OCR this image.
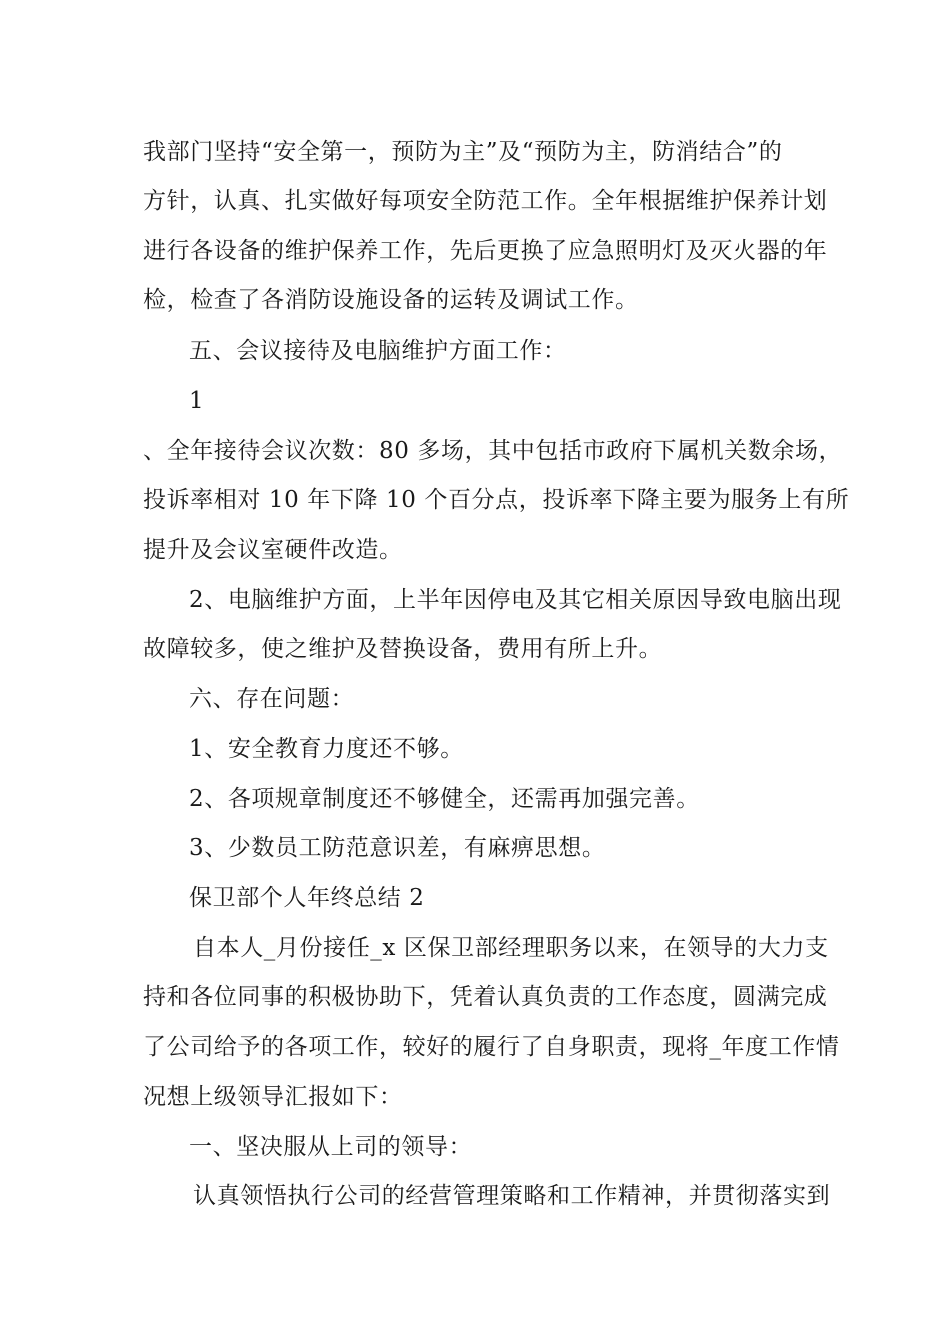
我部门坚持“安全第一，预防为主”及“预防为主，防消结合”的
方针，认真、扎实做好每项安全防范工作。全年根据维护保养计划
进行各设备的维护保养工作，先后更换了应急照明灯及灭火器的年
检，检查了各消防设施设备的运转及调试工作。
五、会议接待及电脑维护方面工作：
1
、全年接待会议次数：80 多场，其中包括市政府下属机关数余场，
投诉率相对 10 年下降 10 个百分点，投诉率下降主要为服务上有所
提升及会议室硬件改造。
2、电脑维护方面，上半年因停电及其它相关原因导致电脑出现
故障较多，使之维护及替换设备，费用有所上升。
六、存在问题：
1、安全教育力度还不够。
2、各项规章制度还不够健全，还需再加强完善。
3、少数员工防范意识差，有麻痹思想。
保卫部个人年终总结 2
自本人_月份接任_x 区保卫部经理职务以来，在领导的大力支
持和各位同事的积极协助下，凭着认真负责的工作态度，圆满完成
了公司给予的各项工作，较好的履行了自身职责，现将_年度工作情
况想上级领导汇报如下：
一、坚决服从上司的领导：
认真领悟执行公司的经营管理策略和工作精神，并贯彻落实到
